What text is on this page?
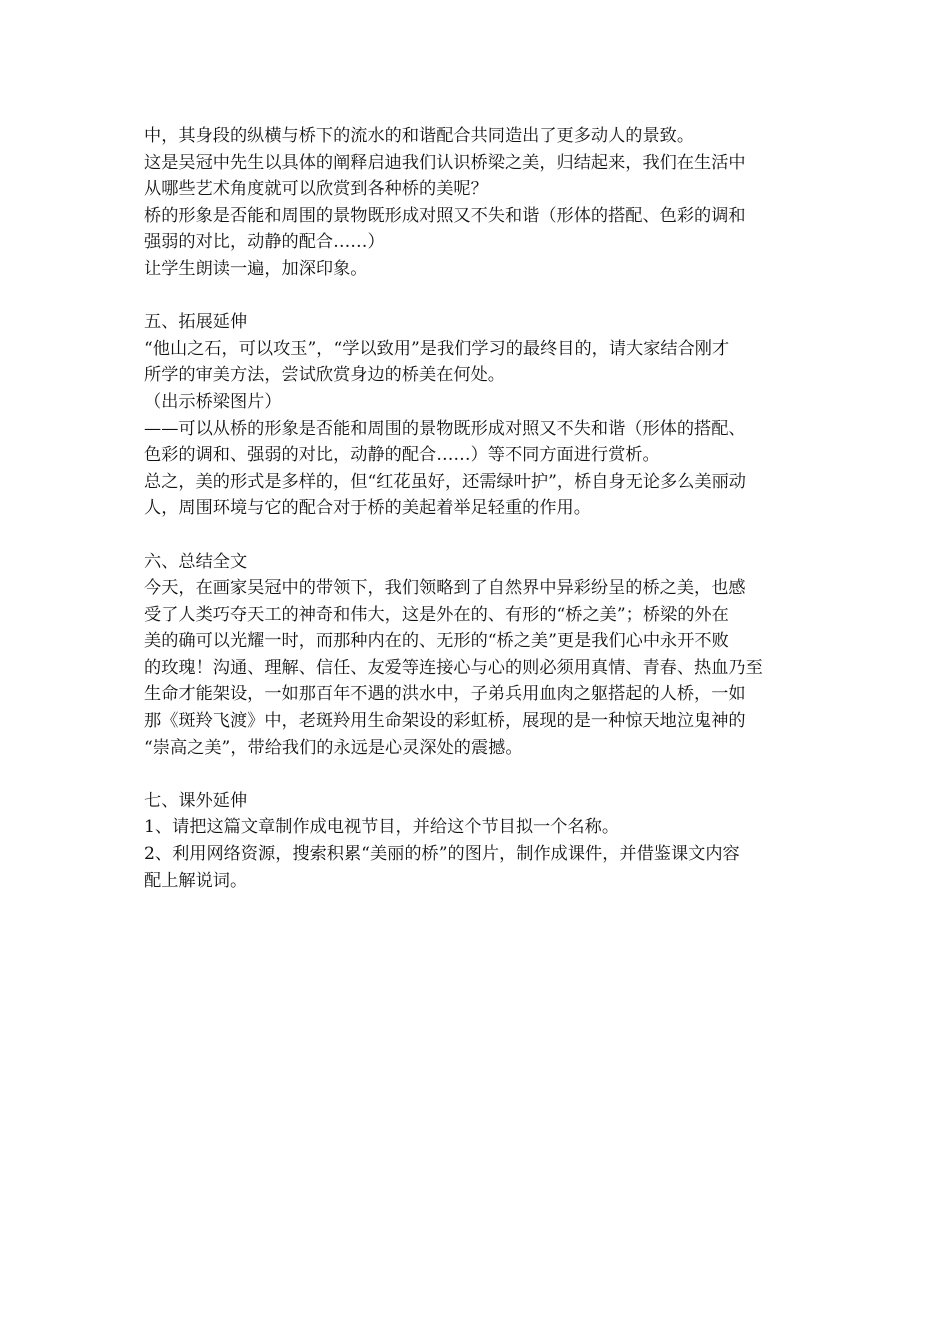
中，其身段的纵横与桥下的流水的和谐配合共同造出了更多动人的景致。
这是吴冠中先生以具体的阐释启迪我们认识桥梁之美，归结起来，我们在生活中
从哪些艺术角度就可以欣赏到各种桥的美呢？
桥的形象是否能和周围的景物既形成对照又不失和谐（形体的搭配、色彩的调和
强弱的对比，动静的配合……）
让学生朗读一遍，加深印象。
五、拓展延伸
“他山之石，可以攻玉”，“学以致用”是我们学习的最终目的，请大家结合刚才
所学的审美方法，尝试欣赏身边的桥美在何处。
（出示桥梁图片）
——可以从桥的形象是否能和周围的景物既形成对照又不失和谐（形体的搭配、
色彩的调和、强弱的对比，动静的配合……）等不同方面进行赏析。
总之，美的形式是多样的，但“红花虽好，还需绿叶护”，桥自身无论多么美丽动
人，周围环境与它的配合对于桥的美起着举足轻重的作用。
六、总结全文
今天，在画家吴冠中的带领下，我们领略到了自然界中异彩纷呈的桥之美，也感
受了人类巧夺天工的神奇和伟大，这是外在的、有形的“桥之美”；桥梁的外在
美的确可以光耀一时，而那种内在的、无形的“桥之美”更是我们心中永开不败
的玫瑰！沟通、理解、信任、友爱等连接心与心的则必须用真情、青春、热血乃至
生命才能架设，一如那百年不遇的洪水中，子弟兵用血肉之躯搭起的人桥，一如
那《斑羚飞渡》中，老斑羚用生命架设的彩虹桥，展现的是一种惊天地泣鬼神的
“崇高之美”，带给我们的永远是心灵深处的震撼。
七、课外延伸
1、请把这篇文章制作成电视节目，并给这个节目拟一个名称。
2、利用网络资源，搜索积累“美丽的桥”的图片，制作成课件，并借鉴课文内容
配上解说词。
